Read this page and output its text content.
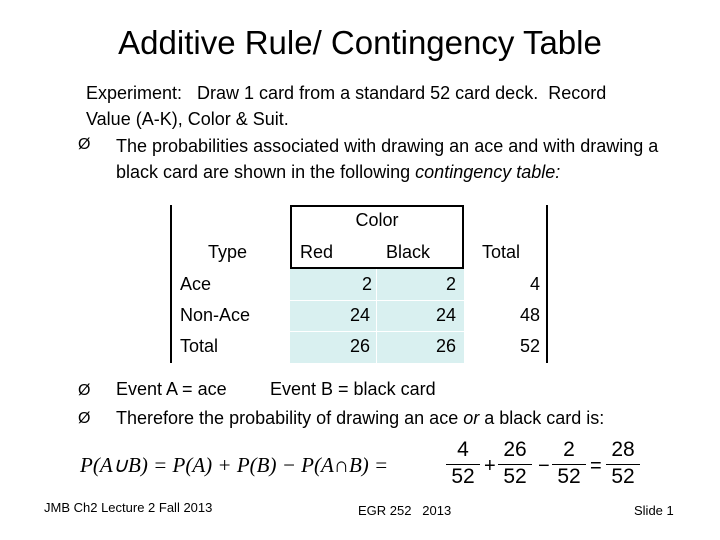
Additive Rule/ Contingency Table
Experiment:   Draw 1 card from a standard 52 card deck.  Record
Value (A-K), Color & Suit.
Ø The probabilities associated with drawing an ace and with drawing a black card are shown in the following contingency table:
Color
Type	Red	Black	Total
Ace	2	2	4
Non-Ace	24	24	48
Total	26	26	52
Ø Event A = ace Event B = black card
Ø Therefore the probability of drawing an ace or a black card is:
P(A∪B) = P(A) + P(B) − P(A∩B) =
4
52 +
26
52 −
2
52 =
28
52
JMB Ch2 Lecture 2 Fall 2013	EGR 252   2013	Slide 1
